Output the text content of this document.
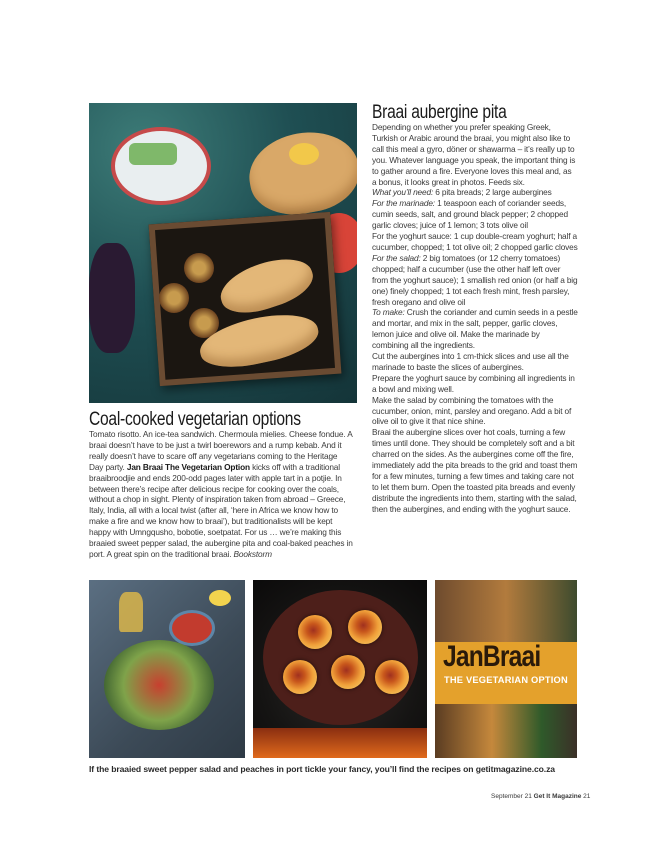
Coal-cooked vegetarian options

Tomato risotto. An ice-tea sandwich. Chermoula mielies. Cheese fondue. A braai doesn’t have to be just a twirl boerewors and a rump kebab. And it really doesn’t have to scare off any vegetarians coming to the Heritage Day party. Jan Braai The Vegetarian Option kicks off with a traditional braaibroodjie and ends 200-odd pages later with apple tart in a potjie. In between there’s recipe after delicious recipe for cooking over the coals, without a chop in sight. Plenty of inspiration taken from abroad – Greece, Italy, India, all with a local twist (after all, ‘here in Africa we know how to make a fire and we know how to braai’), but traditionalists will be kept happy with Umngqusho, bobotie, soetpatat. For us … we’re making this braaied sweet pepper salad, the aubergine pita and coal-baked peaches in port. A great spin on the traditional braai. Bookstorm

Braai aubergine pita

Depending on whether you prefer speaking Greek, Turkish or Arabic around the braai, you might also like to call this meal a gyro, döner or shawarma – it’s really up to you. Whatever language you speak, the important thing is to gather around a fire. Everyone loves this meal and, as a bonus, it looks great in photos. Feeds six.

What you’ll need: 6 pita breads; 2 large aubergines

For the marinade: 1 teaspoon each of coriander seeds, cumin seeds, salt, and ground black pepper; 2 chopped garlic cloves; juice of 1 lemon; 3 tots olive oil

For the yoghurt sauce: 1 cup double-cream yoghurt; half a cucumber, chopped; 1 tot olive oil; 2 chopped garlic cloves

For the salad: 2 big tomatoes (or 12 cherry tomatoes) chopped; half a cucumber (use the other half left over from the yoghurt sauce); 1 smallish red onion (or half a big one) finely chopped; 1 tot each fresh mint, fresh parsley, fresh oregano and olive oil

To make: Crush the coriander and cumin seeds in a pestle and mortar, and mix in the salt, pepper, garlic cloves, lemon juice and olive oil. Make the marinade by combining all the ingredients.

Cut the aubergines into 1 cm-thick slices and use all the marinade to baste the slices of aubergines.

Prepare the yoghurt sauce by combining all ingredients in a bowl and mixing well.

Make the salad by combining the tomatoes with the cucumber, onion, mint, parsley and oregano. Add a bit of olive oil to give it that nice shine.

Braai the aubergine slices over hot coals, turning a few times until done. They should be completely soft and a bit charred on the sides. As the aubergines come off the fire, immediately add the pita breads to the grid and toast them for a few minutes, turning a few times and taking care not to let them burn. Open the toasted pita breads and evenly distribute the ingredients into them, starting with the salad, then the aubergines, and ending with the yoghurt sauce.

JanBraai
THE VEGETARIAN OPTION
If the braaied sweet pepper salad and peaches in port tickle your fancy, you’ll find the recipes on getitmagazine.co.za
September 21 Get It Magazine 21
